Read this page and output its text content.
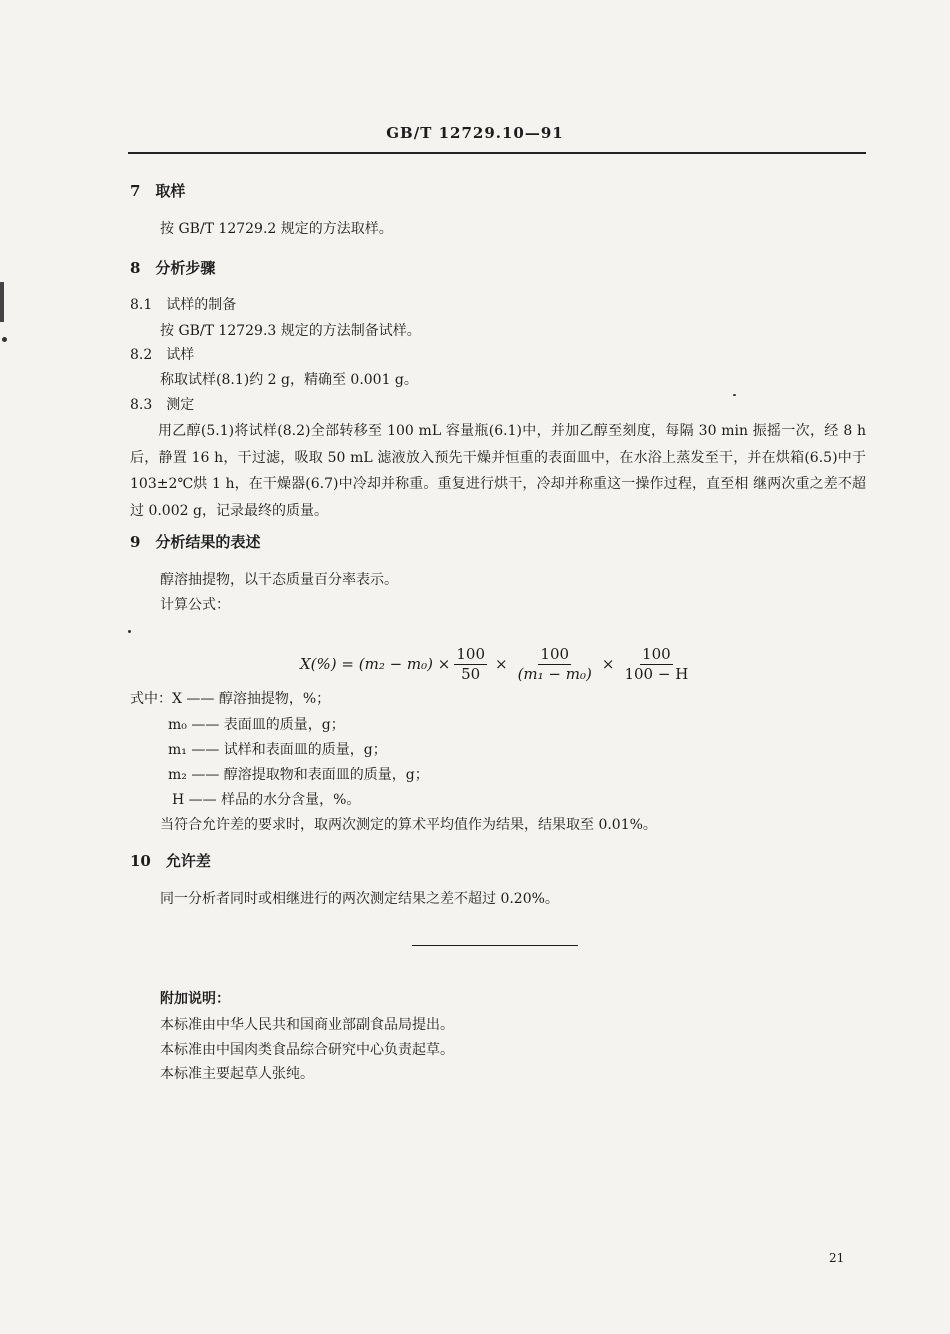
GB/T 12729.10—91
7 取样
按 GB/T 12729.2 规定的方法取样。
8 分析步骤
8.1 试样的制备
按 GB/T 12729.3 规定的方法制备试样。
8.2 试样
称取试样(8.1)约 2 g，精确至 0.001 g。
8.3 测定
用乙醇(5.1)将试样(8.2)全部转移至 100 mL 容量瓶(6.1)中，并加乙醇至刻度，每隔 30 min 振摇一次，经 8 h 后，静置 16 h，干过滤，吸取 50 mL 滤液放入预先干燥并恒重的表面皿中，在水浴上蒸发至干，并在烘箱(6.5)中于 103±2℃烘 1 h，在干燥器(6.7)中冷却并称重。重复进行烘干，冷却并称重这一操作过程，直至相 继两次重之差不超过 0.002 g，记录最终的质量。
9 分析结果的表述
醇溶抽提物，以干态质量百分率表示。
计算公式：
$X(\%) = (m_2 - m_0) \times \frac{100}{50} \times \frac{100}{\text{(m₁ − m₀)}} \times \frac{100}{100 - H}$
式中：X —— 醇溶抽提物，%；
m₀ —— 表面皿的质量，g；
m₁ —— 试样和表面皿的质量，g；
m₂ —— 醇溶提取物和表面皿的质量，g；
H —— 样品的水分含量，%。
当符合允许差的要求时，取两次测定的算术平均值作为结果，结果取至 0.01%。
10 允许差
同一分析者同时或相继进行的两次测定结果之差不超过 0.20%。
附加说明：
本标准由中华人民共和国商业部副食品局提出。
本标准由中国肉类食品综合研究中心负责起草。
本标准主要起草人张纯。
21
